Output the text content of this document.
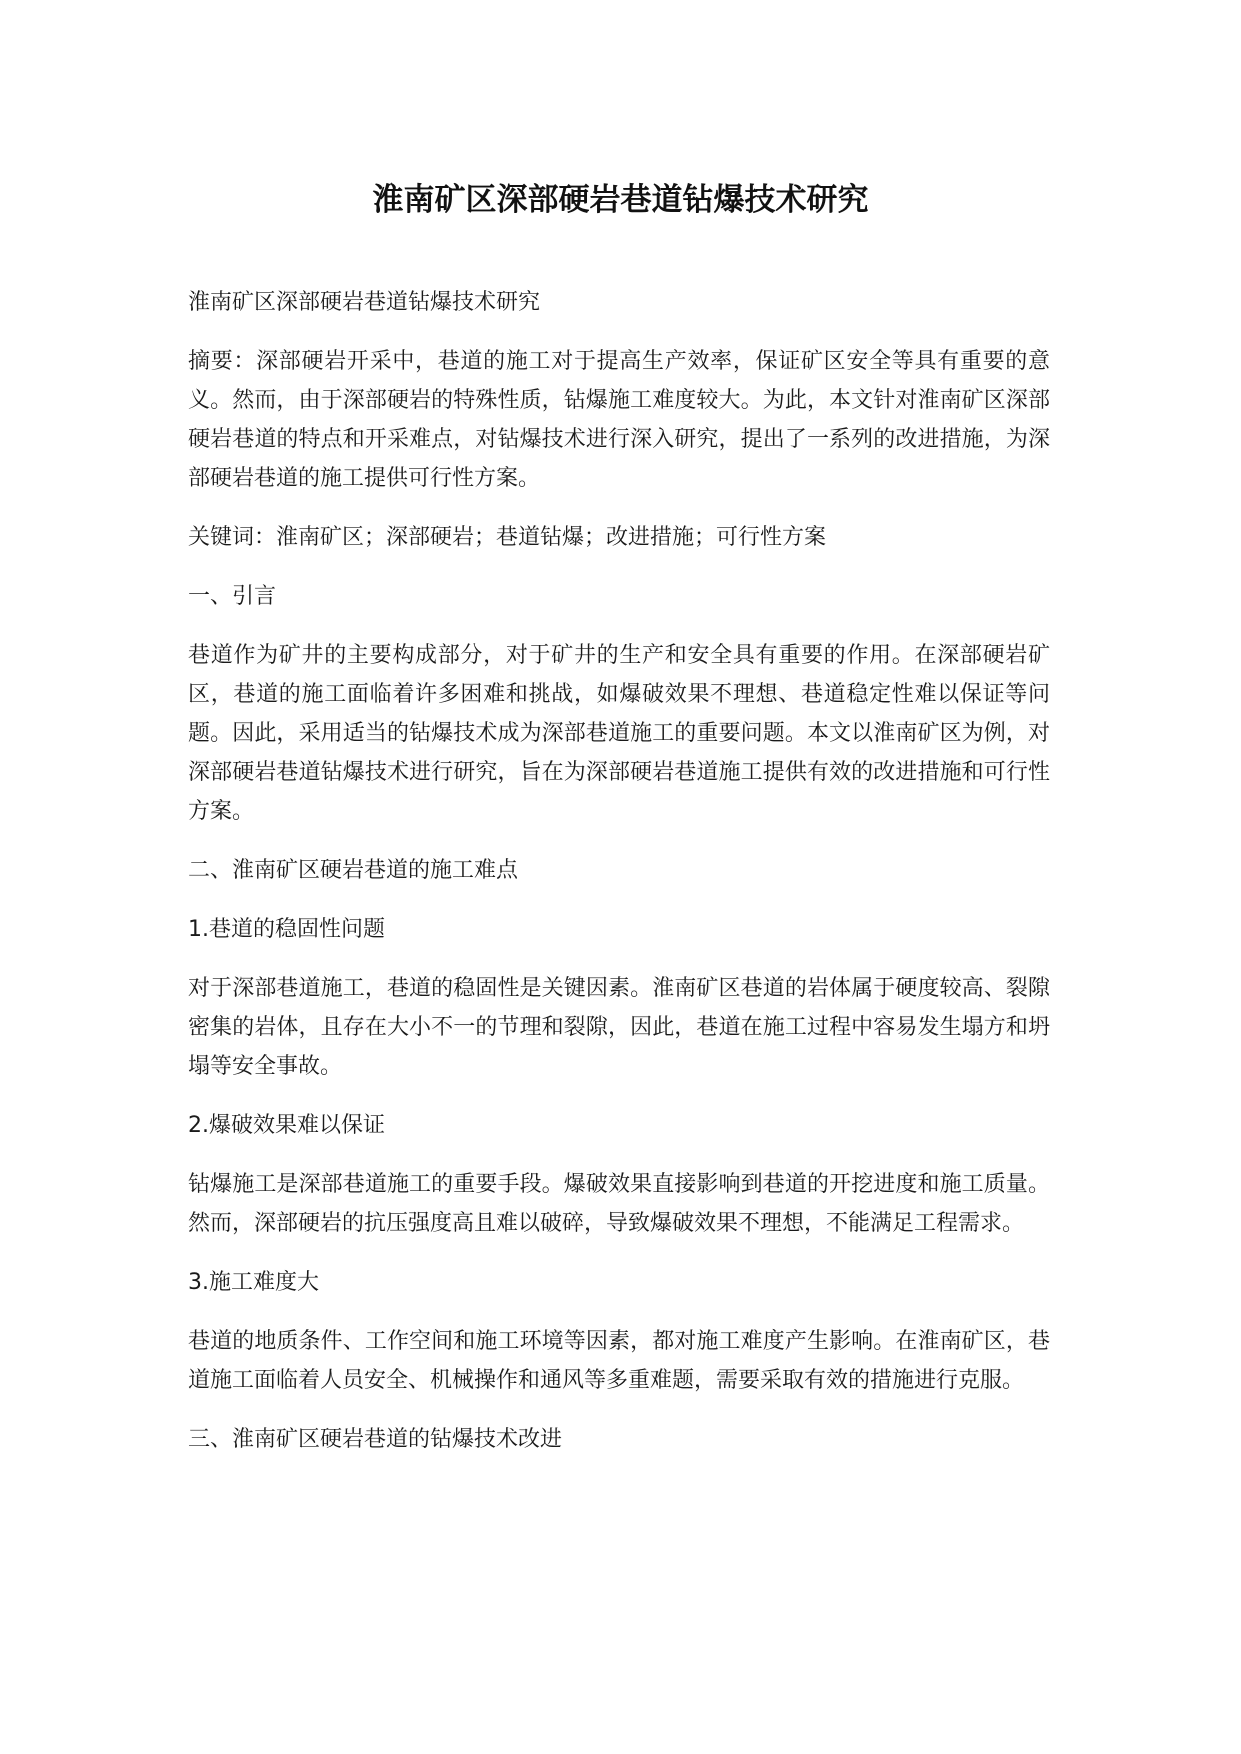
淮南矿区深部硬岩巷道钻爆技术研究

淮南矿区深部硬岩巷道钻爆技术研究

摘要：深部硬岩开采中，巷道的施工对于提高生产效率，保证矿区安全等具有重要的意义。然而，由于深部硬岩的特殊性质，钻爆施工难度较大。为此，本文针对淮南矿区深部硬岩巷道的特点和开采难点，对钻爆技术进行深入研究，提出了一系列的改进措施，为深部硬岩巷道的施工提供可行性方案。

关键词：淮南矿区；深部硬岩；巷道钻爆；改进措施；可行性方案

一、引言

巷道作为矿井的主要构成部分，对于矿井的生产和安全具有重要的作用。在深部硬岩矿区，巷道的施工面临着许多困难和挑战，如爆破效果不理想、巷道稳定性难以保证等问题。因此，采用适当的钻爆技术成为深部巷道施工的重要问题。本文以淮南矿区为例，对深部硬岩巷道钻爆技术进行研究，旨在为深部硬岩巷道施工提供有效的改进措施和可行性方案。

二、淮南矿区硬岩巷道的施工难点

1.巷道的稳固性问题

对于深部巷道施工，巷道的稳固性是关键因素。淮南矿区巷道的岩体属于硬度较高、裂隙密集的岩体，且存在大小不一的节理和裂隙，因此，巷道在施工过程中容易发生塌方和坍塌等安全事故。

2.爆破效果难以保证

钻爆施工是深部巷道施工的重要手段。爆破效果直接影响到巷道的开挖进度和施工质量。然而，深部硬岩的抗压强度高且难以破碎，导致爆破效果不理想，不能满足工程需求。

3.施工难度大

巷道的地质条件、工作空间和施工环境等因素，都对施工难度产生影响。在淮南矿区，巷道施工面临着人员安全、机械操作和通风等多重难题，需要采取有效的措施进行克服。

三、淮南矿区硬岩巷道的钻爆技术改进
